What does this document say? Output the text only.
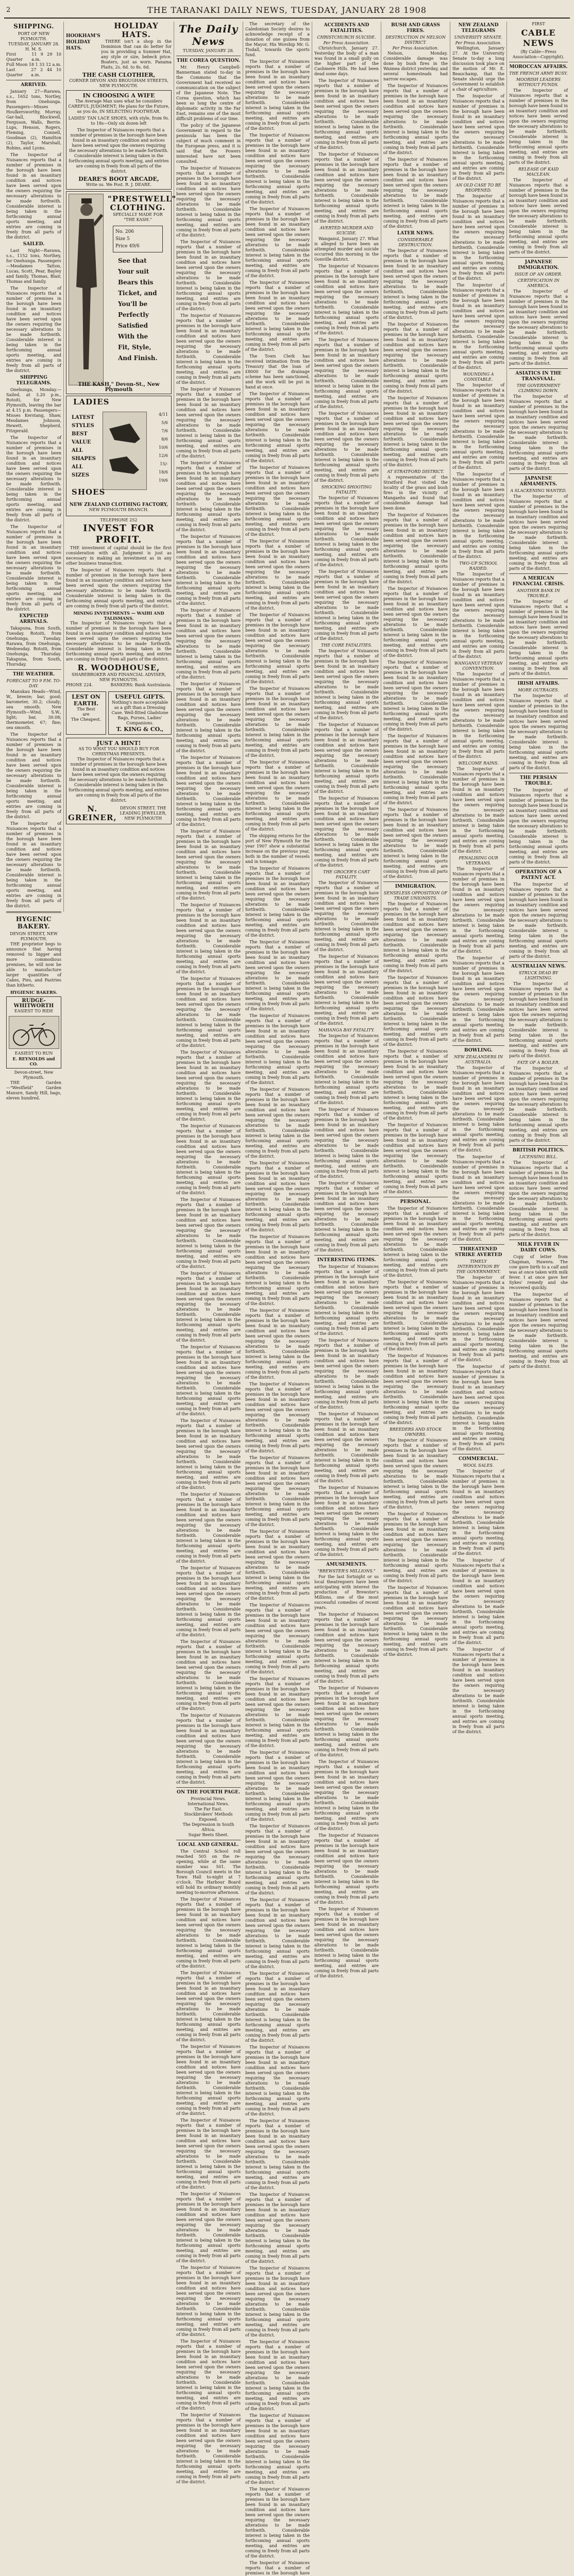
2	THE TARANAKI DAILY NEWS, TUESDAY, JANUARY 28 1908
SHIPPING.
PORT OF NEW PLYMOUTH.
TUESDAY, JANUARY 28.
H. M. S.
First Quarter
11 9 29 10 a.m.
Full Moon 18 1 33 12 a.m.
Last Quarter
27 2 44 10 a.m.
ARRIVED.

January 27—Rarawa, s.s., 1652 tons, Nortley, from Onehunga. Passengers—Misses Houlkersworthy, Murray, Gar-ball, Blockwell, Ferguson, Walls, Berrie. Lups, Henson, Rogers, Fleming, Connell, Goodman (2), Hamilton (2), Taylor, Marshall, Robins, and Lyons.

The Inspector of Nuisances reports that a number of premises in the borough have been found in an insanitary condition and notices have been served upon the owners requiring the necessary alterations to be made forthwith. Considerable interest is being taken in the forthcoming annual sports meeting, and entries are coming in freely from all parts of the district.

SAILED.

Last Night—Rarawa, s.s., 1152 tons, Northey, for Onehunga. Passengers—Mesdames Tatton, Lucas, Scott, Pear, Bayley and family, Thomas, Blair, Thomas and family.

The Inspector of Nuisances reports that a number of premises in the borough have been found in an insanitary condition and notices have been served upon the owners requiring the necessary alterations to be made forthwith. Considerable interest is being taken in the forthcoming annual sports meeting, and entries are coming in freely from all parts of the district.

SHIPPING TELEGRAMS.

Onehunga, Monday.—Sailed, at 3.20 p.m., Rotoiti, for New Plymouth, leaving the bar at 4.15 p.m. Passengers—Misses Kerstang, Shaw, Mesdames Johnson, Hewett, Shepherd, Fitzgerald.

The Inspector of Nuisances reports that a number of premises in the borough have been found in an insanitary condition and notices have been served upon the owners requiring the necessary alterations to be made forthwith. Considerable interest is being taken in the forthcoming annual sports meeting, and entries are coming in freely from all parts of the district.

The Inspector of Nuisances reports that a number of premises in the borough have been found in an insanitary condition and notices have been served upon the owners requiring the necessary alterations to be made forthwith. Considerable interest is being taken in the forthcoming annual sports meeting, and entries are coming in freely from all parts of the district.

EXPECTED ARRIVALS.

Takapuna, from South, Tuesday. Rotoiti, from Onehunga, Tuesday. Rarawa, from Onehunga, Wednesday. Rotoiti, from Onehunga, Thursday. Takapuna, from South, Thursday.

THE WEATHER.
FORECAST TO 9 P.M. TO-DAY.

Manukau Heads—Wind, W., breeze; bar, good; barometer, 30.2; cloudy; sea smooth. New Plymouth—Wind, S.W., light; bar, 30.08; thermometer, 67; fine; sea smooth.

The Inspector of Nuisances reports that a number of premises in the borough have been found in an insanitary condition and notices have been served upon the owners requiring the necessary alterations to be made forthwith. Considerable interest is being taken in the forthcoming annual sports meeting, and entries are coming in freely from all parts of the district.

The Inspector of Nuisances reports that a number of premises in the borough have been found in an insanitary condition and notices have been served upon the owners requiring the necessary alterations to be made forthwith. Considerable interest is being taken in the forthcoming annual sports meeting, and entries are coming in freely from all parts of the district.

HYGENIC BAKERY.
DEVON STREET, NEW PLYMOUTH.

THE proprietor begs to announce that having removed to bigger and more commodious premises, he will now be able to manufacture larger quantities of Cakes, Pies, and Pastries than hitherto.

HYGIENIC BAKERS.
RUDGE-WHITWORTH
EASIEST TO RIDE
EASIEST TO RUN
E. REYNOLDS and CO.
Devon-street, New Plymouth.

THE Garden—"Westfield" Garden Manure, Sandy Hill, bags, eleven hundred.

HOOKHAM'S
HOLIDAY
HATS.
HOLIDAY HATS.

THERE isn't a shop in the Dominion that can do better for you in providing a Summer Hat, any style or size, bebeck price. Boaters, just as worn. Panama Plaits, 2s. 6d. to 8s. 6d.

THE CASH CLOTHIER,
CORNER DEVON AND BROUGHAM STREETS, NEW PLYMOUTH.
IN CHOOSING A WIFE

The Average Man uses what he considers CAREFUL JUDGMENT; He plans for the Future, as you do, IN SELECTING FOOTWEAR.

LADIES' TAN LACE SHOES, with style, from 9s. to 18s—Only six dozen left

The Inspector of Nuisances reports that a number of premises in the borough have been found in an insanitary condition and notices have been served upon the owners requiring the necessary alterations to be made forthwith. Considerable interest is being taken in the forthcoming annual sports meeting, and entries are coming in freely from all parts of the district.

DEARE'S BOOT ARCADE,
Write us. We Post. R. J. DEARE.
"PRESTWELL"
CLOTHING.
SPECIALLY MADE FOR "THE KASH."
No. 206
Size 5
Price 49/6
See that
Your suit
Bears this
Ticket, and
You'll be
Perfectly
Satisfied
With the
Fit, Style,
And Finish.
THE KASH," Devon-St., New Plymouth
LADIES
LATEST
STYLES
BEST
VALUE
ALL
SHAPES
ALL
SIZES
4/11
5/6
7/6
8/6
10/6
12/6
15/-
18/6
19/6
SHOES
NEW ZEALAND CLOTHING FACTORY,
NEW PLYMOUTH BRANCH.
TELEPHONE 252
INVEST FOR PROFIT.

THE investment of capital should be the first consideration with all. Judgment is just as necessary in making an investment as in any other business transaction.

The Inspector of Nuisances reports that a number of premises in the borough have been found in an insanitary condition and notices have been served upon the owners requiring the necessary alterations to be made forthwith. Considerable interest is being taken in the forthcoming annual sports meeting, and entries are coming in freely from all parts of the district.

MINING INVESTMENTS — WAIHI AND TALISMANS.

The Inspector of Nuisances reports that a number of premises in the borough have been found in an insanitary condition and notices have been served upon the owners requiring the necessary alterations to be made forthwith. Considerable interest is being taken in the forthcoming annual sports meeting, and entries are coming in freely from all parts of the district.

R. WOODHOUSE,
SHAREBROKER AND FINANCIAL ADVISER, NEW PLYMOUTH.
PHONE 224.	BANKERS: Bank Australasia.
LEST ON
EARTH.
The Best
are
The Cheapest.
USEFUL GIFTS.
Nothing's more acceptable as a gift than a Dressing Case. Well-fitted Gladstone Bags, Purses, Ladies' Companions.
T. KING & CO.,
JUST A HINT!
AS TO WHAT YOU SHOULD BUY FOR CHRISTMAS PRESENTS.

The Inspector of Nuisances reports that a number of premises in the borough have been found in an insanitary condition and notices have been served upon the owners requiring the necessary alterations to be made forthwith. Considerable interest is being taken in the forthcoming annual sports meeting, and entries are coming in freely from all parts of the district.

N. GREINER,
DEVON STREET. THE LEADING JEWELLER, NEW PLYMOUTH
The Daily News
TUESDAY, JANUARY 28.
THE COREA QUESTION.

Mr. Henry Campbell-Bannerman stated to-day in the Commons that the Government had received no communication on the subject of the Japanese Note. The Corea question, which has been so long the centre of diplomatic activity in the Far East, remains one of the most difficult problems of our time.

The policy of the Japanese Government in regard to the peninsula has been the subject of much comment in the European press, and it is said that the Powers interested have not been consulted.

The Inspector of Nuisances reports that a number of premises in the borough have been found in an insanitary condition and notices have been served upon the owners requiring the necessary alterations to be made forthwith. Considerable interest is being taken in the forthcoming annual sports meeting, and entries are coming in freely from all parts of the district.

The Inspector of Nuisances reports that a number of premises in the borough have been found in an insanitary condition and notices have been served upon the owners requiring the necessary alterations to be made forthwith. Considerable interest is being taken in the forthcoming annual sports meeting, and entries are coming in freely from all parts of the district.

The Inspector of Nuisances reports that a number of premises in the borough have been found in an insanitary condition and notices have been served upon the owners requiring the necessary alterations to be made forthwith. Considerable interest is being taken in the forthcoming annual sports meeting, and entries are coming in freely from all parts of the district.

The Inspector of Nuisances reports that a number of premises in the borough have been found in an insanitary condition and notices have been served upon the owners requiring the necessary alterations to be made forthwith. Considerable interest is being taken in the forthcoming annual sports meeting, and entries are coming in freely from all parts of the district.

The Inspector of Nuisances reports that a number of premises in the borough have been found in an insanitary condition and notices have been served upon the owners requiring the necessary alterations to be made forthwith. Considerable interest is being taken in the forthcoming annual sports meeting, and entries are coming in freely from all parts of the district.

The Inspector of Nuisances reports that a number of premises in the borough have been found in an insanitary condition and notices have been served upon the owners requiring the necessary alterations to be made forthwith. Considerable interest is being taken in the forthcoming annual sports meeting, and entries are coming in freely from all parts of the district.

The Inspector of Nuisances reports that a number of premises in the borough have been found in an insanitary condition and notices have been served upon the owners requiring the necessary alterations to be made forthwith. Considerable interest is being taken in the forthcoming annual sports meeting, and entries are coming in freely from all parts of the district.

The Inspector of Nuisances reports that a number of premises in the borough have been found in an insanitary condition and notices have been served upon the owners requiring the necessary alterations to be made forthwith. Considerable interest is being taken in the forthcoming annual sports meeting, and entries are coming in freely from all parts of the district.

The Inspector of Nuisances reports that a number of premises in the borough have been found in an insanitary condition and notices have been served upon the owners requiring the necessary alterations to be made forthwith. Considerable interest is being taken in the forthcoming annual sports meeting, and entries are coming in freely from all parts of the district.

The Inspector of Nuisances reports that a number of premises in the borough have been found in an insanitary condition and notices have been served upon the owners requiring the necessary alterations to be made forthwith. Considerable interest is being taken in the forthcoming annual sports meeting, and entries are coming in freely from all parts of the district.

The Inspector of Nuisances reports that a number of premises in the borough have been found in an insanitary condition and notices have been served upon the owners requiring the necessary alterations to be made forthwith. Considerable interest is being taken in the forthcoming annual sports meeting, and entries are coming in freely from all parts of the district.

The Inspector of Nuisances reports that a number of premises in the borough have been found in an insanitary condition and notices have been served upon the owners requiring the necessary alterations to be made forthwith. Considerable interest is being taken in the forthcoming annual sports meeting, and entries are coming in freely from all parts of the district.

The Inspector of Nuisances reports that a number of premises in the borough have been found in an insanitary condition and notices have been served upon the owners requiring the necessary alterations to be made forthwith. Considerable interest is being taken in the forthcoming annual sports meeting, and entries are coming in freely from all parts of the district.

The Inspector of Nuisances reports that a number of premises in the borough have been found in an insanitary condition and notices have been served upon the owners requiring the necessary alterations to be made forthwith. Considerable interest is being taken in the forthcoming annual sports meeting, and entries are coming in freely from all parts of the district.

The Inspector of Nuisances reports that a number of premises in the borough have been found in an insanitary condition and notices have been served upon the owners requiring the necessary alterations to be made forthwith. Considerable interest is being taken in the forthcoming annual sports meeting, and entries are coming in freely from all parts of the district.

The Inspector of Nuisances reports that a number of premises in the borough have been found in an insanitary condition and notices have been served upon the owners requiring the necessary alterations to be made forthwith. Considerable interest is being taken in the forthcoming annual sports meeting, and entries are coming in freely from all parts of the district.

The Inspector of Nuisances reports that a number of premises in the borough have been found in an insanitary condition and notices have been served upon the owners requiring the necessary alterations to be made forthwith. Considerable interest is being taken in the forthcoming annual sports meeting, and entries are coming in freely from all parts of the district.

The Inspector of Nuisances reports that a number of premises in the borough have been found in an insanitary condition and notices have been served upon the owners requiring the necessary alterations to be made forthwith. Considerable interest is being taken in the forthcoming annual sports meeting, and entries are coming in freely from all parts of the district.

The Inspector of Nuisances reports that a number of premises in the borough have been found in an insanitary condition and notices have been served upon the owners requiring the necessary alterations to be made forthwith. Considerable interest is being taken in the forthcoming annual sports meeting, and entries are coming in freely from all parts of the district.

The Inspector of Nuisances reports that a number of premises in the borough have been found in an insanitary condition and notices have been served upon the owners requiring the necessary alterations to be made forthwith. Considerable interest is being taken in the forthcoming annual sports meeting, and entries are coming in freely from all parts of the district.

The Inspector of Nuisances reports that a number of premises in the borough have been found in an insanitary condition and notices have been served upon the owners requiring the necessary alterations to be made forthwith. Considerable interest is being taken in the forthcoming annual sports meeting, and entries are coming in freely from all parts of the district.

The Inspector of Nuisances reports that a number of premises in the borough have been found in an insanitary condition and notices have been served upon the owners requiring the necessary alterations to be made forthwith. Considerable interest is being taken in the forthcoming annual sports meeting, and entries are coming in freely from all parts of the district.

ON THE FOURTH PAGE.
Provincial News.
International News.
The Far East.
Stockbrokers' Methods Exposed.
The Depression in South Africa.
Sugar Beets Sheet.
LOCAL AND GENERAL.

The Central School roll reached 505 on the re-opening, while at the same number was 501. The Borough Council meets in the Town Hall to-night at 7 o'clock. The Harbour Board will hold its ordinary monthly meeting to-morrow afternoon.

The Inspector of Nuisances reports that a number of premises in the borough have been found in an insanitary condition and notices have been served upon the owners requiring the necessary alterations to be made forthwith. Considerable interest is being taken in the forthcoming annual sports meeting, and entries are coming in freely from all parts of the district.

The Inspector of Nuisances reports that a number of premises in the borough have been found in an insanitary condition and notices have been served upon the owners requiring the necessary alterations to be made forthwith. Considerable interest is being taken in the forthcoming annual sports meeting, and entries are coming in freely from all parts of the district.

The Inspector of Nuisances reports that a number of premises in the borough have been found in an insanitary condition and notices have been served upon the owners requiring the necessary alterations to be made forthwith. Considerable interest is being taken in the forthcoming annual sports meeting, and entries are coming in freely from all parts of the district.

The Inspector of Nuisances reports that a number of premises in the borough have been found in an insanitary condition and notices have been served upon the owners requiring the necessary alterations to be made forthwith. Considerable interest is being taken in the forthcoming annual sports meeting, and entries are coming in freely from all parts of the district.

The Inspector of Nuisances reports that a number of premises in the borough have been found in an insanitary condition and notices have been served upon the owners requiring the necessary alterations to be made forthwith. Considerable interest is being taken in the forthcoming annual sports meeting, and entries are coming in freely from all parts of the district.

The Inspector of Nuisances reports that a number of premises in the borough have been found in an insanitary condition and notices have been served upon the owners requiring the necessary alterations to be made forthwith. Considerable interest is being taken in the forthcoming annual sports meeting, and entries are coming in freely from all parts of the district.

The Inspector of Nuisances reports that a number of premises in the borough have been found in an insanitary condition and notices have been served upon the owners requiring the necessary alterations to be made forthwith. Considerable interest is being taken in the forthcoming annual sports meeting, and entries are coming in freely from all parts of the district.

The Inspector of Nuisances reports that a number of premises in the borough have been found in an insanitary condition and notices have been served upon the owners requiring the necessary alterations to be made forthwith. Considerable interest is being taken in the forthcoming annual sports meeting, and entries are coming in freely from all parts of the district.

The secretary of the Caledonian Society desires to acknowledge receipt of a donation of one guinea from the Mayor, His Worship Mr. G. Tisdall, towards the sports fund.

The Inspector of Nuisances reports that a number of premises in the borough have been found in an insanitary condition and notices have been served upon the owners requiring the necessary alterations to be made forthwith. Considerable interest is being taken in the forthcoming annual sports meeting, and entries are coming in freely from all parts of the district.

The Inspector of Nuisances reports that a number of premises in the borough have been found in an insanitary condition and notices have been served upon the owners requiring the necessary alterations to be made forthwith. Considerable interest is being taken in the forthcoming annual sports meeting, and entries are coming in freely from all parts of the district.

The Inspector of Nuisances reports that a number of premises in the borough have been found in an insanitary condition and notices have been served upon the owners requiring the necessary alterations to be made forthwith. Considerable interest is being taken in the forthcoming annual sports meeting, and entries are coming in freely from all parts of the district.

The Inspector of Nuisances reports that a number of premises in the borough have been found in an insanitary condition and notices have been served upon the owners requiring the necessary alterations to be made forthwith. Considerable interest is being taken in the forthcoming annual sports meeting, and entries are coming in freely from all parts of the district.

The Town Clerk has received intimation from the Treasury that the loan of £8000 for the drainage scheme has been sanctioned, and the work will be put in hand at once.

The Inspector of Nuisances reports that a number of premises in the borough have been found in an insanitary condition and notices have been served upon the owners requiring the necessary alterations to be made forthwith. Considerable interest is being taken in the forthcoming annual sports meeting, and entries are coming in freely from all parts of the district.

The Inspector of Nuisances reports that a number of premises in the borough have been found in an insanitary condition and notices have been served upon the owners requiring the necessary alterations to be made forthwith. Considerable interest is being taken in the forthcoming annual sports meeting, and entries are coming in freely from all parts of the district.

The Inspector of Nuisances reports that a number of premises in the borough have been found in an insanitary condition and notices have been served upon the owners requiring the necessary alterations to be made forthwith. Considerable interest is being taken in the forthcoming annual sports meeting, and entries are coming in freely from all parts of the district.

The Inspector of Nuisances reports that a number of premises in the borough have been found in an insanitary condition and notices have been served upon the owners requiring the necessary alterations to be made forthwith. Considerable interest is being taken in the forthcoming annual sports meeting, and entries are coming in freely from all parts of the district.

The Inspector of Nuisances reports that a number of premises in the borough have been found in an insanitary condition and notices have been served upon the owners requiring the necessary alterations to be made forthwith. Considerable interest is being taken in the forthcoming annual sports meeting, and entries are coming in freely from all parts of the district.

The Inspector of Nuisances reports that a number of premises in the borough have been found in an insanitary condition and notices have been served upon the owners requiring the necessary alterations to be made forthwith. Considerable interest is being taken in the forthcoming annual sports meeting, and entries are coming in freely from all parts of the district.

The shipping returns for the port of New Plymouth for the year 1907 show a substantial increase on the previous year, both in the number of vessels and in tonnage.

The Inspector of Nuisances reports that a number of premises in the borough have been found in an insanitary condition and notices have been served upon the owners requiring the necessary alterations to be made forthwith. Considerable interest is being taken in the forthcoming annual sports meeting, and entries are coming in freely from all parts of the district.

The Inspector of Nuisances reports that a number of premises in the borough have been found in an insanitary condition and notices have been served upon the owners requiring the necessary alterations to be made forthwith. Considerable interest is being taken in the forthcoming annual sports meeting, and entries are coming in freely from all parts of the district.

The Inspector of Nuisances reports that a number of premises in the borough have been found in an insanitary condition and notices have been served upon the owners requiring the necessary alterations to be made forthwith. Considerable interest is being taken in the forthcoming annual sports meeting, and entries are coming in freely from all parts of the district.

The Inspector of Nuisances reports that a number of premises in the borough have been found in an insanitary condition and notices have been served upon the owners requiring the necessary alterations to be made forthwith. Considerable interest is being taken in the forthcoming annual sports meeting, and entries are coming in freely from all parts of the district.

The Inspector of Nuisances reports that a number of premises in the borough have been found in an insanitary condition and notices have been served upon the owners requiring the necessary alterations to be made forthwith. Considerable interest is being taken in the forthcoming annual sports meeting, and entries are coming in freely from all parts of the district.

The Inspector of Nuisances reports that a number of premises in the borough have been found in an insanitary condition and notices have been served upon the owners requiring the necessary alterations to be made forthwith. Considerable interest is being taken in the forthcoming annual sports meeting, and entries are coming in freely from all parts of the district.

The Inspector of Nuisances reports that a number of premises in the borough have been found in an insanitary condition and notices have been served upon the owners requiring the necessary alterations to be made forthwith. Considerable interest is being taken in the forthcoming annual sports meeting, and entries are coming in freely from all parts of the district.

The Inspector of Nuisances reports that a number of premises in the borough have been found in an insanitary condition and notices have been served upon the owners requiring the necessary alterations to be made forthwith. Considerable interest is being taken in the forthcoming annual sports meeting, and entries are coming in freely from all parts of the district.

The Inspector of Nuisances reports that a number of premises in the borough have been found in an insanitary condition and notices have been served upon the owners requiring the necessary alterations to be made forthwith. Considerable interest is being taken in the forthcoming annual sports meeting, and entries are coming in freely from all parts of the district.

The Inspector of Nuisances reports that a number of premises in the borough have been found in an insanitary condition and notices have been served upon the owners requiring the necessary alterations to be made forthwith. Considerable interest is being taken in the forthcoming annual sports meeting, and entries are coming in freely from all parts of the district.

The Inspector of Nuisances reports that a number of premises in the borough have been found in an insanitary condition and notices have been served upon the owners requiring the necessary alterations to be made forthwith. Considerable interest is being taken in the forthcoming annual sports meeting, and entries are coming in freely from all parts of the district.

The Inspector of Nuisances reports that a number of premises in the borough have been found in an insanitary condition and notices have been served upon the owners requiring the necessary alterations to be made forthwith. Considerable interest is being taken in the forthcoming annual sports meeting, and entries are coming in freely from all parts of the district.

The Inspector of Nuisances reports that a number of premises in the borough have been found in an insanitary condition and notices have been served upon the owners requiring the necessary alterations to be made forthwith. Considerable interest is being taken in the forthcoming annual sports meeting, and entries are coming in freely from all parts of the district.

The Inspector of Nuisances reports that a number of premises in the borough have been found in an insanitary condition and notices have been served upon the owners requiring the necessary alterations to be made forthwith. Considerable interest is being taken in the forthcoming annual sports meeting, and entries are coming in freely from all parts of the district.

The Inspector of Nuisances reports that a number of premises in the borough have been found in an insanitary condition and notices have been served upon the owners requiring the necessary alterations to be made forthwith. Considerable interest is being taken in the forthcoming annual sports meeting, and entries are coming in freely from all parts of the district.

The Inspector of Nuisances reports that a number of premises in the borough have been found in an insanitary condition and notices have been served upon the owners requiring the necessary alterations to be made forthwith. Considerable interest is being taken in the forthcoming annual sports meeting, and entries are coming in freely from all parts of the district.

The Inspector of Nuisances reports that a number of premises in the borough have been found in an insanitary condition and notices have been served upon the owners requiring the necessary alterations to be made forthwith. Considerable interest is being taken in the forthcoming annual sports meeting, and entries are coming in freely from all parts of the district.

The Inspector of Nuisances reports that a number of premises in the borough have been found in an insanitary condition and notices have been served upon the owners requiring the necessary alterations to be made forthwith. Considerable interest is being taken in the forthcoming annual sports meeting, and entries are coming in freely from all parts of the district.

The Inspector of Nuisances reports that a number of premises in the borough have been found in an insanitary condition and notices have been served upon the owners requiring the necessary alterations to be made forthwith. Considerable interest is being taken in the forthcoming annual sports meeting, and entries are coming in freely from all parts of the district.

The Inspector of Nuisances reports that a number of premises in the borough have been found in an insanitary condition and notices have been served upon the owners requiring the necessary alterations to be made forthwith. Considerable interest is being taken in the forthcoming annual sports meeting, and entries are coming in freely from all parts of the district.

The Inspector of Nuisances reports that a number of premises in the borough have been found in an insanitary condition and notices have been served upon the owners requiring the necessary alterations to be made forthwith. Considerable interest is being taken in the forthcoming annual sports meeting, and entries are coming in freely from all parts of the district.

The Inspector of Nuisances reports that a number of premises in the borough have been found in an insanitary condition and notices have been served upon the owners requiring the necessary alterations to be made forthwith. Considerable interest is being taken in the forthcoming annual sports meeting, and entries are coming in freely from all parts of the district.

The Inspector of Nuisances reports that a number of premises in the borough have been found in an insanitary condition and notices have been served upon the owners requiring the necessary alterations to be made forthwith. Considerable interest is being taken in the forthcoming annual sports meeting, and entries are coming in freely from all parts of the district.

The Inspector of Nuisances reports that a number of premises in the borough have

ACCIDENTS AND FATALITIES.
CHRISTCHURCH SUICIDE.
Per Press Association.

Christchurch, January 27. Yesterday the body of a man was found in a small gully on the higher part of the Cashmere Hills. He had been dead some days.

The Inspector of Nuisances reports that a number of premises in the borough have been found in an insanitary condition and notices have been served upon the owners requiring the necessary alterations to be made forthwith. Considerable interest is being taken in the forthcoming annual sports meeting, and entries are coming in freely from all parts of the district.

The Inspector of Nuisances reports that a number of premises in the borough have been found in an insanitary condition and notices have been served upon the owners requiring the necessary alterations to be made forthwith. Considerable interest is being taken in the forthcoming annual sports meeting, and entries are coming in freely from all parts of the district.

AVERTED MURDER AND SUICIDE.

Wanganui, January 27. What is alleged to have been an attempted murder and suicide occurred this morning in the Gonville district.

The Inspector of Nuisances reports that a number of premises in the borough have been found in an insanitary condition and notices have been served upon the owners requiring the necessary alterations to be made forthwith. Considerable interest is being taken in the forthcoming annual sports meeting, and entries are coming in freely from all parts of the district.

The Inspector of Nuisances reports that a number of premises in the borough have been found in an insanitary condition and notices have been served upon the owners requiring the necessary alterations to be made forthwith. Considerable interest is being taken in the forthcoming annual sports meeting, and entries are coming in freely from all parts of the district.

The Inspector of Nuisances reports that a number of premises in the borough have been found in an insanitary condition and notices have been served upon the owners requiring the necessary alterations to be made forthwith. Considerable interest is being taken in the forthcoming annual sports meeting, and entries are coming in freely from all parts of the district.

SHOCKING SHOOTING FATALITY.

The Inspector of Nuisances reports that a number of premises in the borough have been found in an insanitary condition and notices have been served upon the owners requiring the necessary alterations to be made forthwith. Considerable interest is being taken in the forthcoming annual sports meeting, and entries are coming in freely from all parts of the district.

The Inspector of Nuisances reports that a number of premises in the borough have been found in an insanitary condition and notices have been served upon the owners requiring the necessary alterations to be made forthwith. Considerable interest is being taken in the forthcoming annual sports meeting, and entries are coming in freely from all parts of the district.

THE CORE FATALITIES.

The Inspector of Nuisances reports that a number of premises in the borough have been found in an insanitary condition and notices have been served upon the owners requiring the necessary alterations to be made forthwith. Considerable interest is being taken in the forthcoming annual sports meeting, and entries are coming in freely from all parts of the district.

The Inspector of Nuisances reports that a number of premises in the borough have been found in an insanitary condition and notices have been served upon the owners requiring the necessary alterations to be made forthwith. Considerable interest is being taken in the forthcoming annual sports meeting, and entries are coming in freely from all parts of the district.

The Inspector of Nuisances reports that a number of premises in the borough have been found in an insanitary condition and notices have been served upon the owners requiring the necessary alterations to be made forthwith. Considerable interest is being taken in the forthcoming annual sports meeting, and entries are coming in freely from all parts of the district.

THE GROCER'S CART FATALITY.

The Inspector of Nuisances reports that a number of premises in the borough have been found in an insanitary condition and notices have been served upon the owners requiring the necessary alterations to be made forthwith. Considerable interest is being taken in the forthcoming annual sports meeting, and entries are coming in freely from all parts of the district.

The Inspector of Nuisances reports that a number of premises in the borough have been found in an insanitary condition and notices have been served upon the owners requiring the necessary alterations to be made forthwith. Considerable interest is being taken in the forthcoming annual sports meeting, and entries are coming in freely from all parts of the district.

MAHANGA BAY FATALITY.

The Inspector of Nuisances reports that a number of premises in the borough have been found in an insanitary condition and notices have been served upon the owners requiring the necessary alterations to be made forthwith. Considerable interest is being taken in the forthcoming annual sports meeting, and entries are coming in freely from all parts of the district.

The Inspector of Nuisances reports that a number of premises in the borough have been found in an insanitary condition and notices have been served upon the owners requiring the necessary alterations to be made forthwith. Considerable interest is being taken in the forthcoming annual sports meeting, and entries are coming in freely from all parts of the district.

The Inspector of Nuisances reports that a number of premises in the borough have been found in an insanitary condition and notices have been served upon the owners requiring the necessary alterations to be made forthwith. Considerable interest is being taken in the forthcoming annual sports meeting, and entries are coming in freely from all parts of the district.

INTERESTING ITEMS.

The Inspector of Nuisances reports that a number of premises in the borough have been found in an insanitary condition and notices have been served upon the owners requiring the necessary alterations to be made forthwith. Considerable interest is being taken in the forthcoming annual sports meeting, and entries are coming in freely from all parts of the district.

The Inspector of Nuisances reports that a number of premises in the borough have been found in an insanitary condition and notices have been served upon the owners requiring the necessary alterations to be made forthwith. Considerable interest is being taken in the forthcoming annual sports meeting, and entries are coming in freely from all parts of the district.

The Inspector of Nuisances reports that a number of premises in the borough have been found in an insanitary condition and notices have been served upon the owners requiring the necessary alterations to be made forthwith. Considerable interest is being taken in the forthcoming annual sports meeting, and entries are coming in freely from all parts of the district.

The Inspector of Nuisances reports that a number of premises in the borough have been found in an insanitary condition and notices have been served upon the owners requiring the necessary alterations to be made forthwith. Considerable interest is being taken in the forthcoming annual sports meeting, and entries are coming in freely from all parts of the district.

AMUSEMENTS.
"BREWSTER'S MILLIONS."

For the last fortnight or so local theatregoers have been anticipating with interest the production of Brewster's Millions, one of the most successful comedies of recent years.

The Inspector of Nuisances reports that a number of premises in the borough have been found in an insanitary condition and notices have been served upon the owners requiring the necessary alterations to be made forthwith. Considerable interest is being taken in the forthcoming annual sports meeting, and entries are coming in freely from all parts of the district.

The Inspector of Nuisances reports that a number of premises in the borough have been found in an insanitary condition and notices have been served upon the owners requiring the necessary alterations to be made forthwith. Considerable interest is being taken in the forthcoming annual sports meeting, and entries are coming in freely from all parts of the district.

The Inspector of Nuisances reports that a number of premises in the borough have been found in an insanitary condition and notices have been served upon the owners requiring the necessary alterations to be made forthwith. Considerable interest is being taken in the forthcoming annual sports meeting, and entries are coming in freely from all parts of the district.

The Inspector of Nuisances reports that a number of premises in the borough have been found in an insanitary condition and notices have been served upon the owners requiring the necessary alterations to be made forthwith. Considerable interest is being taken in the forthcoming annual sports meeting, and entries are coming in freely from all parts of the district.

The Inspector of Nuisances reports that a number of premises in the borough have been found in an insanitary condition and notices have been served upon the owners requiring the necessary alterations to be made forthwith. Considerable interest is being taken in the forthcoming annual sports meeting, and entries are coming in freely from all parts of the district.

BUSH AND GRASS FIRES.
DESTRUCTION IN NELSON DISTRICT.
Per Press Association.

Nelson, Monday. Considerable damage was done by bush fires in the Waimea district yesterday, and several homesteads had narrow escapes.

The Inspector of Nuisances reports that a number of premises in the borough have been found in an insanitary condition and notices have been served upon the owners requiring the necessary alterations to be made forthwith. Considerable interest is being taken in the forthcoming annual sports meeting, and entries are coming in freely from all parts of the district.

The Inspector of Nuisances reports that a number of premises in the borough have been found in an insanitary condition and notices have been served upon the owners requiring the necessary alterations to be made forthwith. Considerable interest is being taken in the forthcoming annual sports meeting, and entries are coming in freely from all parts of the district.

LATER NEWS.
CONSIDERABLE DESTRUCTION.

The Inspector of Nuisances reports that a number of premises in the borough have been found in an insanitary condition and notices have been served upon the owners requiring the necessary alterations to be made forthwith. Considerable interest is being taken in the forthcoming annual sports meeting, and entries are coming in freely from all parts of the district.

The Inspector of Nuisances reports that a number of premises in the borough have been found in an insanitary condition and notices have been served upon the owners requiring the necessary alterations to be made forthwith. Considerable interest is being taken in the forthcoming annual sports meeting, and entries are coming in freely from all parts of the district.

The Inspector of Nuisances reports that a number of premises in the borough have been found in an insanitary condition and notices have been served upon the owners requiring the necessary alterations to be made forthwith. Considerable interest is being taken in the forthcoming annual sports meeting, and entries are coming in freely from all parts of the district.

AT STRATFORD DISTRICT.

A representative of the Stratford Post visited the locality of the grass and bush fires in the vicinity of Mangaehu and found that considerable damage had been done.

The Inspector of Nuisances reports that a number of premises in the borough have been found in an insanitary condition and notices have been served upon the owners requiring the necessary alterations to be made forthwith. Considerable interest is being taken in the forthcoming annual sports meeting, and entries are coming in freely from all parts of the district.

The Inspector of Nuisances reports that a number of premises in the borough have been found in an insanitary condition and notices have been served upon the owners requiring the necessary alterations to be made forthwith. Considerable interest is being taken in the forthcoming annual sports meeting, and entries are coming in freely from all parts of the district.

The Inspector of Nuisances reports that a number of premises in the borough have been found in an insanitary condition and notices have been served upon the owners requiring the necessary alterations to be made forthwith. Considerable interest is being taken in the forthcoming annual sports meeting, and entries are coming in freely from all parts of the district.

The Inspector of Nuisances reports that a number of premises in the borough have been found in an insanitary condition and notices have been served upon the owners requiring the necessary alterations to be made forthwith. Considerable interest is being taken in the forthcoming annual sports meeting, and entries are coming in freely from all parts of the district.

The Inspector of Nuisances reports that a number of premises in the borough have been found in an insanitary condition and notices have been served upon the owners requiring the necessary alterations to be made forthwith. Considerable interest is being taken in the forthcoming annual sports meeting, and entries are coming in freely from all parts of the district.

IMMIGRATION.
SENSELESS OPPOSITION OF TRADE UNIONISTS.

The Inspector of Nuisances reports that a number of premises in the borough have been found in an insanitary condition and notices have been served upon the owners requiring the necessary alterations to be made forthwith. Considerable interest is being taken in the forthcoming annual sports meeting, and entries are coming in freely from all parts of the district.

The Inspector of Nuisances reports that a number of premises in the borough have been found in an insanitary condition and notices have been served upon the owners requiring the necessary alterations to be made forthwith. Considerable interest is being taken in the forthcoming annual sports meeting, and entries are coming in freely from all parts of the district.

The Inspector of Nuisances reports that a number of premises in the borough have been found in an insanitary condition and notices have been served upon the owners requiring the necessary alterations to be made forthwith. Considerable interest is being taken in the forthcoming annual sports meeting, and entries are coming in freely from all parts of the district.

The Inspector of Nuisances reports that a number of premises in the borough have been found in an insanitary condition and notices have been served upon the owners requiring the necessary alterations to be made forthwith. Considerable interest is being taken in the forthcoming annual sports meeting, and entries are coming in freely from all parts of the district.

PERSONAL.

The Inspector of Nuisances reports that a number of premises in the borough have been found in an insanitary condition and notices have been served upon the owners requiring the necessary alterations to be made forthwith. Considerable interest is being taken in the forthcoming annual sports meeting, and entries are coming in freely from all parts of the district.

The Inspector of Nuisances reports that a number of premises in the borough have been found in an insanitary condition and notices have been served upon the owners requiring the necessary alterations to be made forthwith. Considerable interest is being taken in the forthcoming annual sports meeting, and entries are coming in freely from all parts of the district.

The Inspector of Nuisances reports that a number of premises in the borough have been found in an insanitary condition and notices have been served upon the owners requiring the necessary alterations to be made forthwith. Considerable interest is being taken in the forthcoming annual sports meeting, and entries are coming in freely from all parts of the district.

BREEDERS AND STOCK OWNERS.

The Inspector of Nuisances reports that a number of premises in the borough have been found in an insanitary condition and notices have been served upon the owners requiring the necessary alterations to be made forthwith. Considerable interest is being taken in the forthcoming annual sports meeting, and entries are coming in freely from all parts of the district.

The Inspector of Nuisances reports that a number of premises in the borough have been found in an insanitary condition and notices have been served upon the owners requiring the necessary alterations to be made forthwith. Considerable interest is being taken in the forthcoming annual sports meeting, and entries are coming in freely from all parts of the district.

The Inspector of Nuisances reports that a number of premises in the borough have been found in an insanitary condition and notices have been served upon the owners requiring the necessary alterations to be made forthwith. Considerable interest is being taken in the forthcoming annual sports meeting, and entries are coming in freely from all parts of the district.

NEW ZEALAND TELEGRAMS
UNIVERSITY SENATE.
Per Press Association.

Wellington, January 27. At the University Senate to-day a long discussion took place on the motion of Mr. E. Beauchamp, that the Senate should urge the Government to establish a chair of agriculture.

The Inspector of Nuisances reports that a number of premises in the borough have been found in an insanitary condition and notices have been served upon the owners requiring the necessary alterations to be made forthwith. Considerable interest is being taken in the forthcoming annual sports meeting, and entries are coming in freely from all parts of the district.

AN OLD CASE TO BE REOPENED.

The Inspector of Nuisances reports that a number of premises in the borough have been found in an insanitary condition and notices have been served upon the owners requiring the necessary alterations to be made forthwith. Considerable interest is being taken in the forthcoming annual sports meeting, and entries are coming in freely from all parts of the district.

The Inspector of Nuisances reports that a number of premises in the borough have been found in an insanitary condition and notices have been served upon the owners requiring the necessary alterations to be made forthwith. Considerable interest is being taken in the forthcoming annual sports meeting, and entries are coming in freely from all parts of the district.

WOUNDING A CONSTABLE.

The Inspector of Nuisances reports that a number of premises in the borough have been found in an insanitary condition and notices have been served upon the owners requiring the necessary alterations to be made forthwith. Considerable interest is being taken in the forthcoming annual sports meeting, and entries are coming in freely from all parts of the district.

The Inspector of Nuisances reports that a number of premises in the borough have been found in an insanitary condition and notices have been served upon the owners requiring the necessary alterations to be made forthwith. Considerable interest is being taken in the forthcoming annual sports meeting, and entries are coming in freely from all parts of the district.

TWO-UP SCHOOL RAIDED.

The Inspector of Nuisances reports that a number of premises in the borough have been found in an insanitary condition and notices have been served upon the owners requiring the necessary alterations to be made forthwith. Considerable interest is being taken in the forthcoming annual sports meeting, and entries are coming in freely from all parts of the district.

WANGANUI VETERAN CONVENTION.

The Inspector of Nuisances reports that a number of premises in the borough have been found in an insanitary condition and notices have been served upon the owners requiring the necessary alterations to be made forthwith. Considerable interest is being taken in the forthcoming annual sports meeting, and entries are coming in freely from all parts of the district.

WELCOME RAINS.

The Inspector of Nuisances reports that a number of premises in the borough have been found in an insanitary condition and notices have been served upon the owners requiring the necessary alterations to be made forthwith. Considerable interest is being taken in the forthcoming annual sports meeting, and entries are coming in freely from all parts of the district.

PENALISING OUR VETERANS.

The Inspector of Nuisances reports that a number of premises in the borough have been found in an insanitary condition and notices have been served upon the owners requiring the necessary alterations to be made forthwith. Considerable interest is being taken in the forthcoming annual sports meeting, and entries are coming in freely from all parts of the district.

The Inspector of Nuisances reports that a number of premises in the borough have been found in an insanitary condition and notices have been served upon the owners requiring the necessary alterations to be made forthwith. Considerable interest is being taken in the forthcoming annual sports meeting, and entries are coming in freely from all parts of the district.

BOWLING.
NEW ZEALANDERS IN AUSTRALIA.

The Inspector of Nuisances reports that a number of premises in the borough have been found in an insanitary condition and notices have been served upon the owners requiring the necessary alterations to be made forthwith. Considerable interest is being taken in the forthcoming annual sports meeting, and entries are coming in freely from all parts of the district.

The Inspector of Nuisances reports that a number of premises in the borough have been found in an insanitary condition and notices have been served upon the owners requiring the necessary alterations to be made forthwith. Considerable interest is being taken in the forthcoming annual sports meeting, and entries are coming in freely from all parts of the district.

THREATENED STRIKE AVERTED
TIMELY INTERVENTION BY THE GOVERNMENT.

The Inspector of Nuisances reports that a number of premises in the borough have been found in an insanitary condition and notices have been served upon the owners requiring the necessary alterations to be made forthwith. Considerable interest is being taken in the forthcoming annual sports meeting, and entries are coming in freely from all parts of the district.

The Inspector of Nuisances reports that a number of premises in the borough have been found in an insanitary condition and notices have been served upon the owners requiring the necessary alterations to be made forthwith. Considerable interest is being taken in the forthcoming annual sports meeting, and entries are coming in freely from all parts of the district.

COMMERCIAL.
WOOL SALES.

The Inspector of Nuisances reports that a number of premises in the borough have been found in an insanitary condition and notices have been served upon the owners requiring the necessary alterations to be made forthwith. Considerable interest is being taken in the forthcoming annual sports meeting, and entries are coming in freely from all parts of the district.

The Inspector of Nuisances reports that a number of premises in the borough have been found in an insanitary condition and notices have been served upon the owners requiring the necessary alterations to be made forthwith. Considerable interest is being taken in the forthcoming annual sports meeting, and entries are coming in freely from all parts of the district.

The Inspector of Nuisances reports that a number of premises in the borough have been found in an insanitary condition and notices have been served upon the owners requiring the necessary alterations to be made forthwith. Considerable interest is being taken in the forthcoming annual sports meeting, and entries are coming in freely from all parts of the district.

FIRST
CABLE NEWS
(By Cable—Press Association—Copyright).
MOROCCAN AFFAIRS.
THE FRENCH ARMY BUSY.
MOORISH LEADERS WITHOUT FUNDS.

The Inspector of Nuisances reports that a number of premises in the borough have been found in an insanitary condition and notices have been served upon the owners requiring the necessary alterations to be made forthwith. Considerable interest is being taken in the forthcoming annual sports meeting, and entries are coming in freely from all parts of the district.

RELEASE OF KAID MACLEAN.

The Inspector of Nuisances reports that a number of premises in the borough have been found in an insanitary condition and notices have been served upon the owners requiring the necessary alterations to be made forthwith. Considerable interest is being taken in the forthcoming annual sports meeting, and entries are coming in freely from all parts of the district.

JAPANESE IMMIGRATION.
ISSUE OF AN ORDER.
CERTIFICATION IN AMERICA.

The Inspector of Nuisances reports that a number of premises in the borough have been found in an insanitary condition and notices have been served upon the owners requiring the necessary alterations to be made forthwith. Considerable interest is being taken in the forthcoming annual sports meeting, and entries are coming in freely from all parts of the district.

ASIATICS IN THE TRANSVAAL.
THE GOVERNMENT CLIMBING DOWN.

The Inspector of Nuisances reports that a number of premises in the borough have been found in an insanitary condition and notices have been served upon the owners requiring the necessary alterations to be made forthwith. Considerable interest is being taken in the forthcoming annual sports meeting, and entries are coming in freely from all parts of the district.

JAPANESE ARMAMENTS.
A SLACKENING WANTED.

The Inspector of Nuisances reports that a number of premises in the borough have been found in an insanitary condition and notices have been served upon the owners requiring the necessary alterations to be made forthwith. Considerable interest is being taken in the forthcoming annual sports meeting, and entries are coming in freely from all parts of the district.

A MERICAN FINANCIAL CRISIS.
ANOTHER BANK IN TROUBLE.

The Inspector of Nuisances reports that a number of premises in the borough have been found in an insanitary condition and notices have been served upon the owners requiring the necessary alterations to be made forthwith. Considerable interest is being taken in the forthcoming annual sports meeting, and entries are coming in freely from all parts of the district.

IRISH AFFAIRS.
MORE OUTRAGES.

The Inspector of Nuisances reports that a number of premises in the borough have been found in an insanitary condition and notices have been served upon the owners requiring the necessary alterations to be made forthwith. Considerable interest is being taken in the forthcoming annual sports meeting, and entries are coming in freely from all parts of the district.

THE PERSIAN TROUBLE.

The Inspector of Nuisances reports that a number of premises in the borough have been found in an insanitary condition and notices have been served upon the owners requiring the necessary alterations to be made forthwith. Considerable interest is being taken in the forthcoming annual sports meeting, and entries are coming in freely from all parts of the district.

OPERATION OF A PATENT ACT.

The Inspector of Nuisances reports that a number of premises in the borough have been found in an insanitary condition and notices have been served upon the owners requiring the necessary alterations to be made forthwith. Considerable interest is being taken in the forthcoming annual sports meeting, and entries are coming in freely from all parts of the district.

AUSTRALIAN NEWS.
STRUCK DEAD BY LIGHTNING.

The Inspector of Nuisances reports that a number of premises in the borough have been found in an insanitary condition and notices have been served upon the owners requiring the necessary alterations to be made forthwith. Considerable interest is being taken in the forthcoming annual sports meeting, and entries are coming in freely from all parts of the district.

FATE OF A BOILER.

The Inspector of Nuisances reports that a number of premises in the borough have been found in an insanitary condition and notices have been served upon the owners requiring the necessary alterations to be made forthwith. Considerable interest is being taken in the forthcoming annual sports meeting, and entries are coming in freely from all parts of the district.

BRITISH POLITICS.
LICENSING BILL.

The Inspector of Nuisances reports that a number of premises in the borough have been found in an insanitary condition and notices have been served upon the owners requiring the necessary alterations to be made forthwith. Considerable interest is being taken in the forthcoming annual sports meeting, and entries are coming in freely from all parts of the district.

MILK FEVER IN DAIRY COWS.

Copy of letter from Chapman, Hawera. The cow gave birth to a calf and was at once taken with milk fever. I at once gave her Sykes' remedy and she recovered quickly.

The Inspector of Nuisances reports that a number of premises in the borough have been found in an insanitary condition and notices have been served upon the owners requiring the necessary alterations to be made forthwith. Considerable interest is being taken in the forthcoming annual sports meeting, and entries are coming in freely from all parts of the district.
